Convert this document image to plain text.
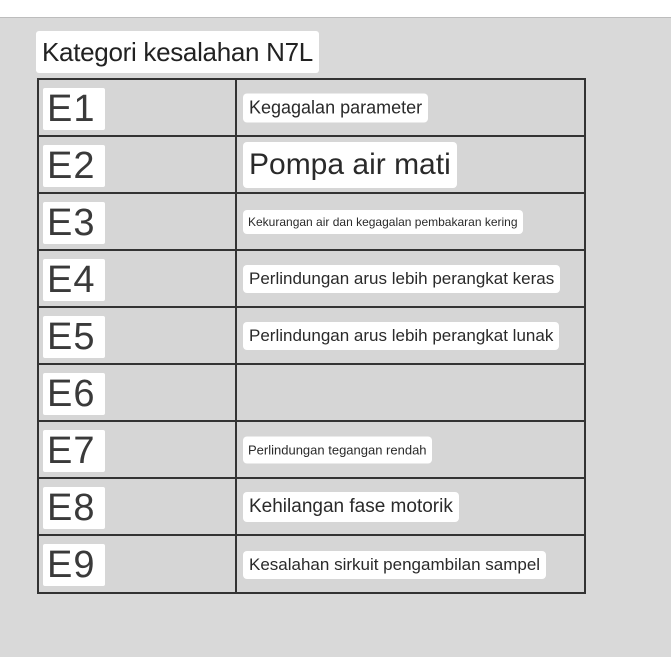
Kategori kesalahan N7L
E1	Kegagalan parameter
E2	Pompa air mati
E3	Kekurangan air dan kegagalan pembakaran kering
E4	Perlindungan arus lebih perangkat keras
E5	Perlindungan arus lebih perangkat lunak
E6
E7	Perlindungan tegangan rendah
E8	Kehilangan fase motorik
E9	Kesalahan sirkuit pengambilan sampel
